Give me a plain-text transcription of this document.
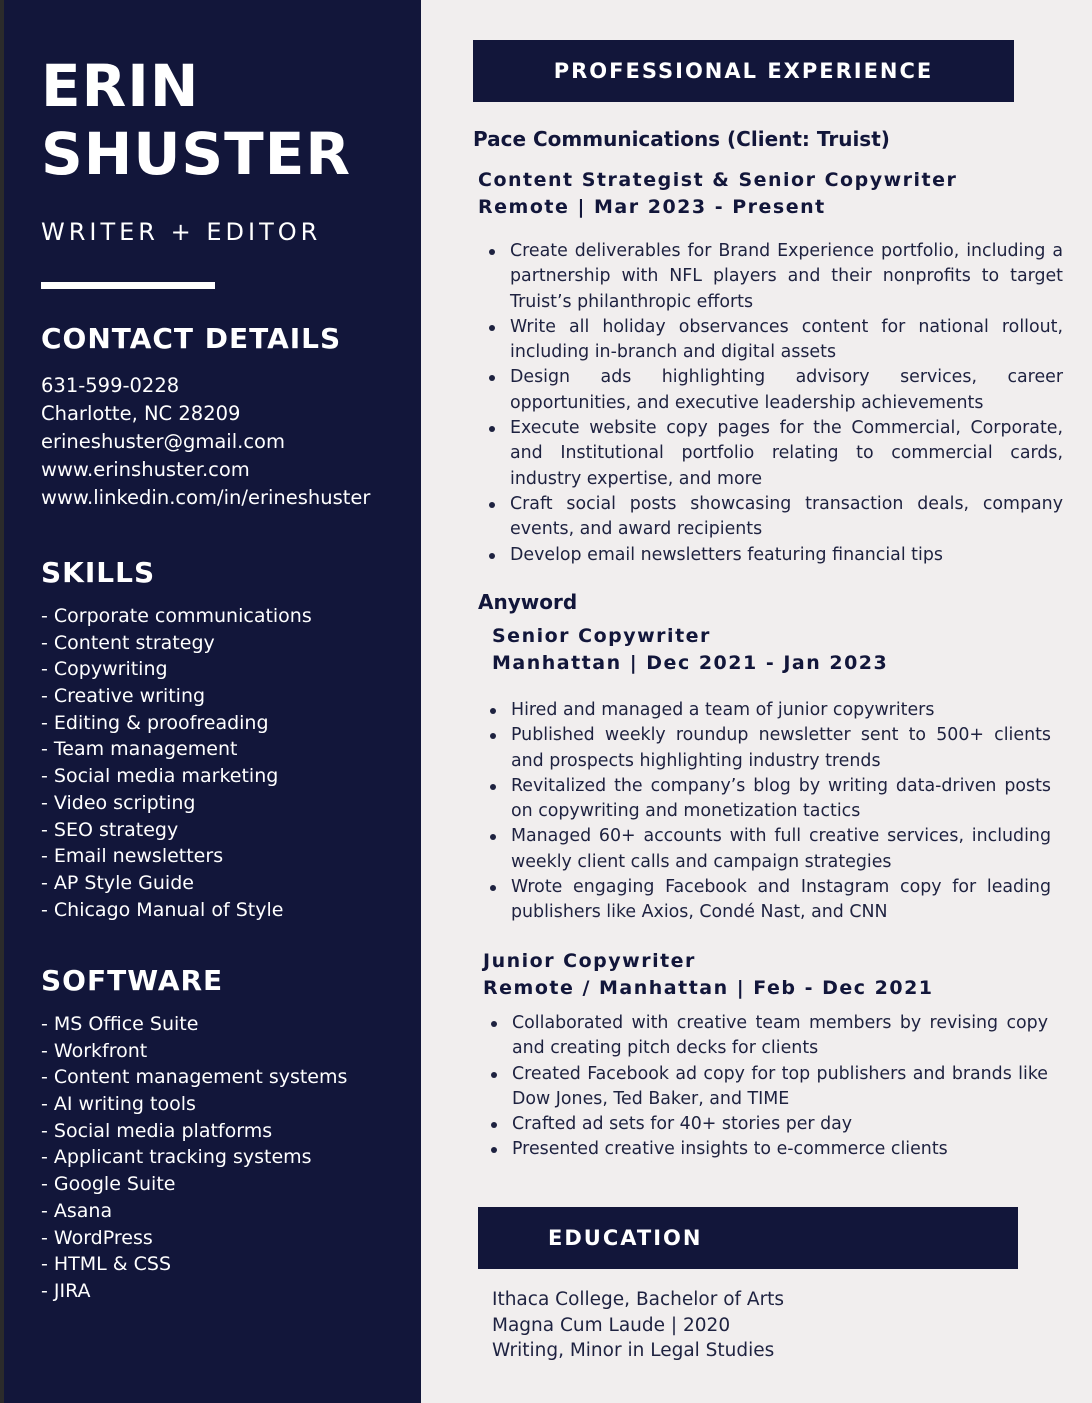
ERIN
SHUSTER
WRITER + EDITOR
CONTACT DETAILS
631-599-0228
Charlotte, NC 28209
erineshuster@gmail.com
www.erinshuster.com
www.linkedin.com/in/erineshuster
SKILLS
- Corporate communications
- Content strategy
- Copywriting
- Creative writing
- Editing & proofreading
- Team management
- Social media marketing
- Video scripting
- SEO strategy
- Email newsletters
- AP Style Guide
- Chicago Manual of Style
SOFTWARE
- MS Office Suite
- Workfront
- Content management systems
- AI writing tools
- Social media platforms
- Applicant tracking systems
- Google Suite
- Asana
- WordPress
- HTML & CSS
- JIRA
PROFESSIONAL EXPERIENCE
Pace Communications (Client: Truist)
Content Strategist & Senior Copywriter
Remote | Mar 2023 - Present
Create deliverables for Brand Experience portfolio, including a partnership with NFL players and their nonprofits to target Truist’s philanthropic efforts
Write all holiday observances content for national rollout, including in-branch and digital assets
Design ads highlighting advisory services, career opportunities, and executive leadership achievements
Execute website copy pages for the Commercial, Corporate, and Institutional portfolio relating to commercial cards, industry expertise, and more
Craft social posts showcasing transaction deals, company events, and award recipients
Develop email newsletters featuring financial tips
Anyword
Senior Copywriter
Manhattan | Dec 2021 - Jan 2023
Hired and managed a team of junior copywriters
Published weekly roundup newsletter sent to 500+ clients and prospects highlighting industry trends
Revitalized the company’s blog by writing data-driven posts on copywriting and monetization tactics
Managed 60+ accounts with full creative services, including weekly client calls and campaign strategies
Wrote engaging Facebook and Instagram copy for leading publishers like Axios, Condé Nast, and CNN
Junior Copywriter
Remote / Manhattan | Feb - Dec 2021
Collaborated with creative team members by revising copy and creating pitch decks for clients
Created Facebook ad copy for top publishers and brands like Dow Jones, Ted Baker, and TIME
Crafted ad sets for 40+ stories per day
Presented creative insights to e-commerce clients
EDUCATION
Ithaca College, Bachelor of Arts
Magna Cum Laude | 2020
Writing, Minor in Legal Studies
